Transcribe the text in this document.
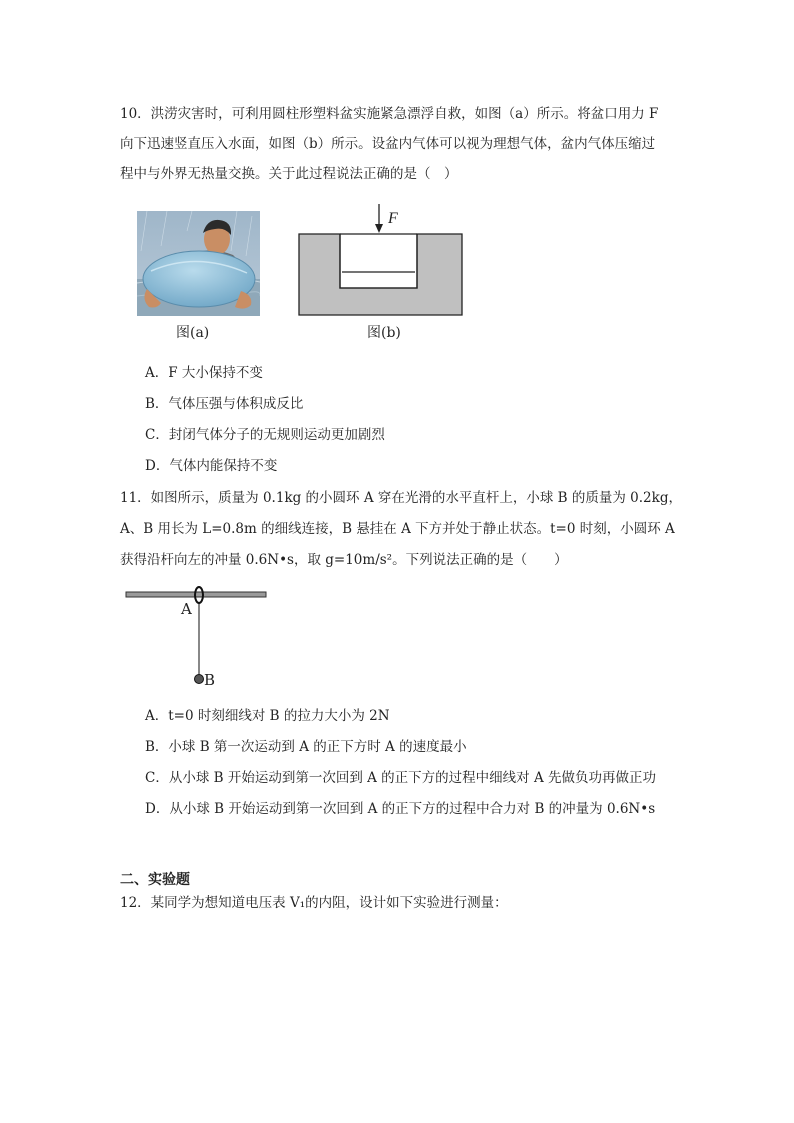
10．洪涝灾害时，可利用圆柱形塑料盆实施紧急漂浮自救，如图（a）所示。将盆口用力 F
向下迅速竖直压入水面，如图（b）所示。设盆内气体可以视为理想气体，盆内气体压缩过
程中与外界无热量交换。关于此过程说法正确的是（　）
图(a)
F
图(b)
A．F 大小保持不变
B．气体压强与体积成反比
C．封闭气体分子的无规则运动更加剧烈
D．气体内能保持不变
11．如图所示，质量为 0.1kg 的小圆环 A 穿在光滑的水平直杆上，小球 B 的质量为 0.2kg，
A、B 用长为 L=0.8m 的细线连接，B 悬挂在 A 下方并处于静止状态。t=0 时刻，小圆环 A
获得沿杆向左的冲量 0.6N•s，取 g=10m/s²。下列说法正确的是（　　）
A
B
A．t=0 时刻细线对 B 的拉力大小为 2N
B．小球 B 第一次运动到 A 的正下方时 A 的速度最小
C．从小球 B 开始运动到第一次回到 A 的正下方的过程中细线对 A 先做负功再做正功
D．从小球 B 开始运动到第一次回到 A 的正下方的过程中合力对 B 的冲量为 0.6N•s
二、实验题
12．某同学为想知道电压表 V₁的内阻，设计如下实验进行测量：
